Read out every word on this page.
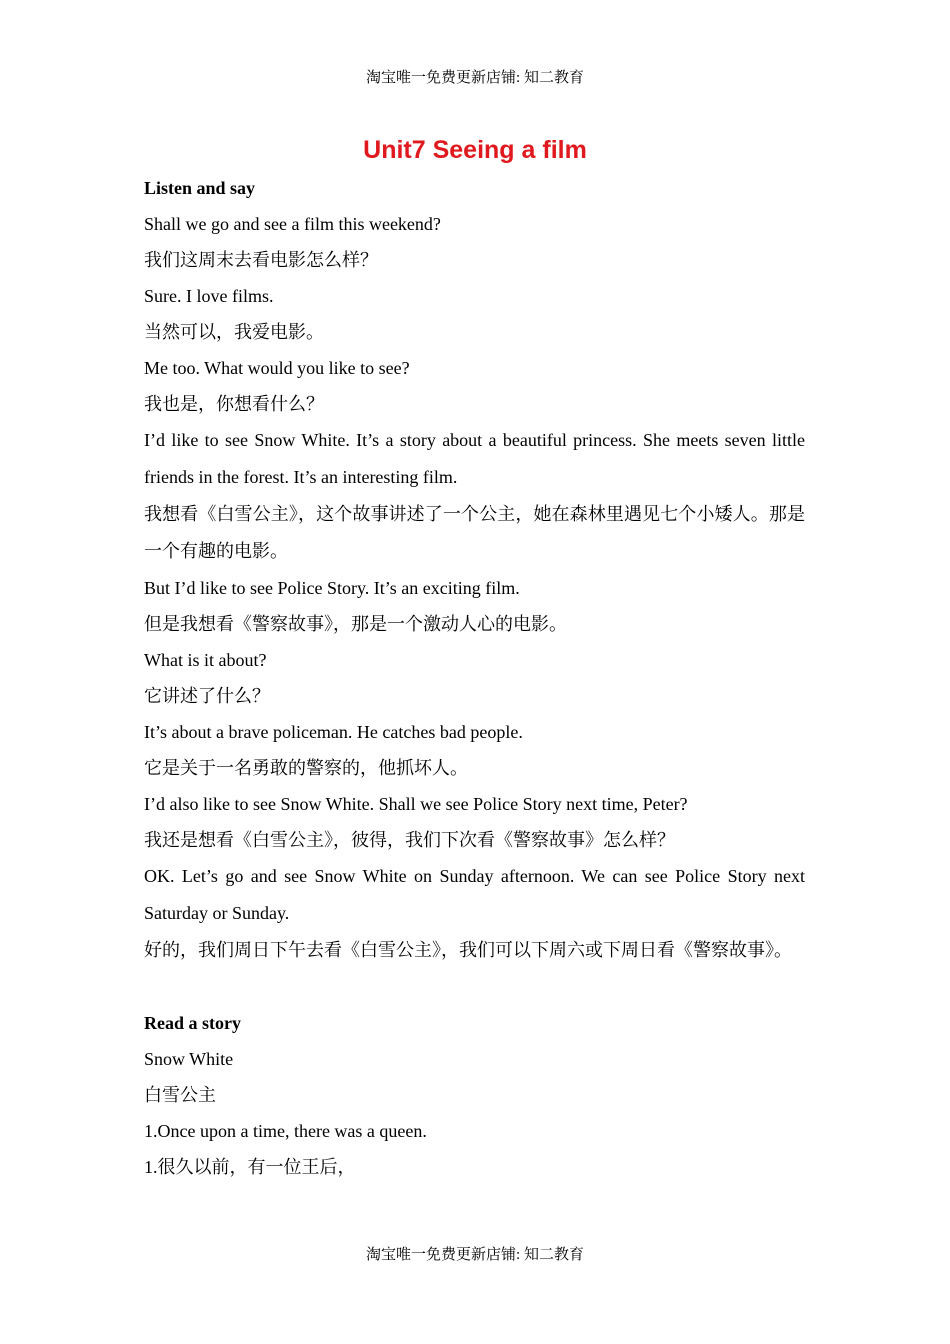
淘宝唯一免费更新店铺: 知二教育
Unit7 Seeing a film
Listen and say
Shall we go and see a film this weekend?
我们这周末去看电影怎么样？
Sure. I love films.
当然可以，我爱电影。
Me too. What would you like to see?
我也是，你想看什么？
I’d like to see Snow White. It’s a story about a beautiful princess. She meets seven little friends in the forest. It’s an interesting film.
我想看《白雪公主》，这个故事讲述了一个公主，她在森林里遇见七个小矮人。那是一个有趣的电影。
But I’d like to see Police Story. It’s an exciting film.
但是我想看《警察故事》，那是一个激动人心的电影。
What is it about?
它讲述了什么？
It’s about a brave policeman. He catches bad people.
它是关于一名勇敢的警察的，他抓坏人。
I’d also like to see Snow White. Shall we see Police Story next time, Peter?
我还是想看《白雪公主》，彼得，我们下次看《警察故事》怎么样？
OK. Let’s go and see Snow White on Sunday afternoon. We can see Police Story next Saturday or Sunday.
好的，我们周日下午去看《白雪公主》，我们可以下周六或下周日看《警察故事》。
Read a story
Snow White
白雪公主
1.Once upon a time, there was a queen.
1.很久以前，有一位王后，
淘宝唯一免费更新店铺: 知二教育
